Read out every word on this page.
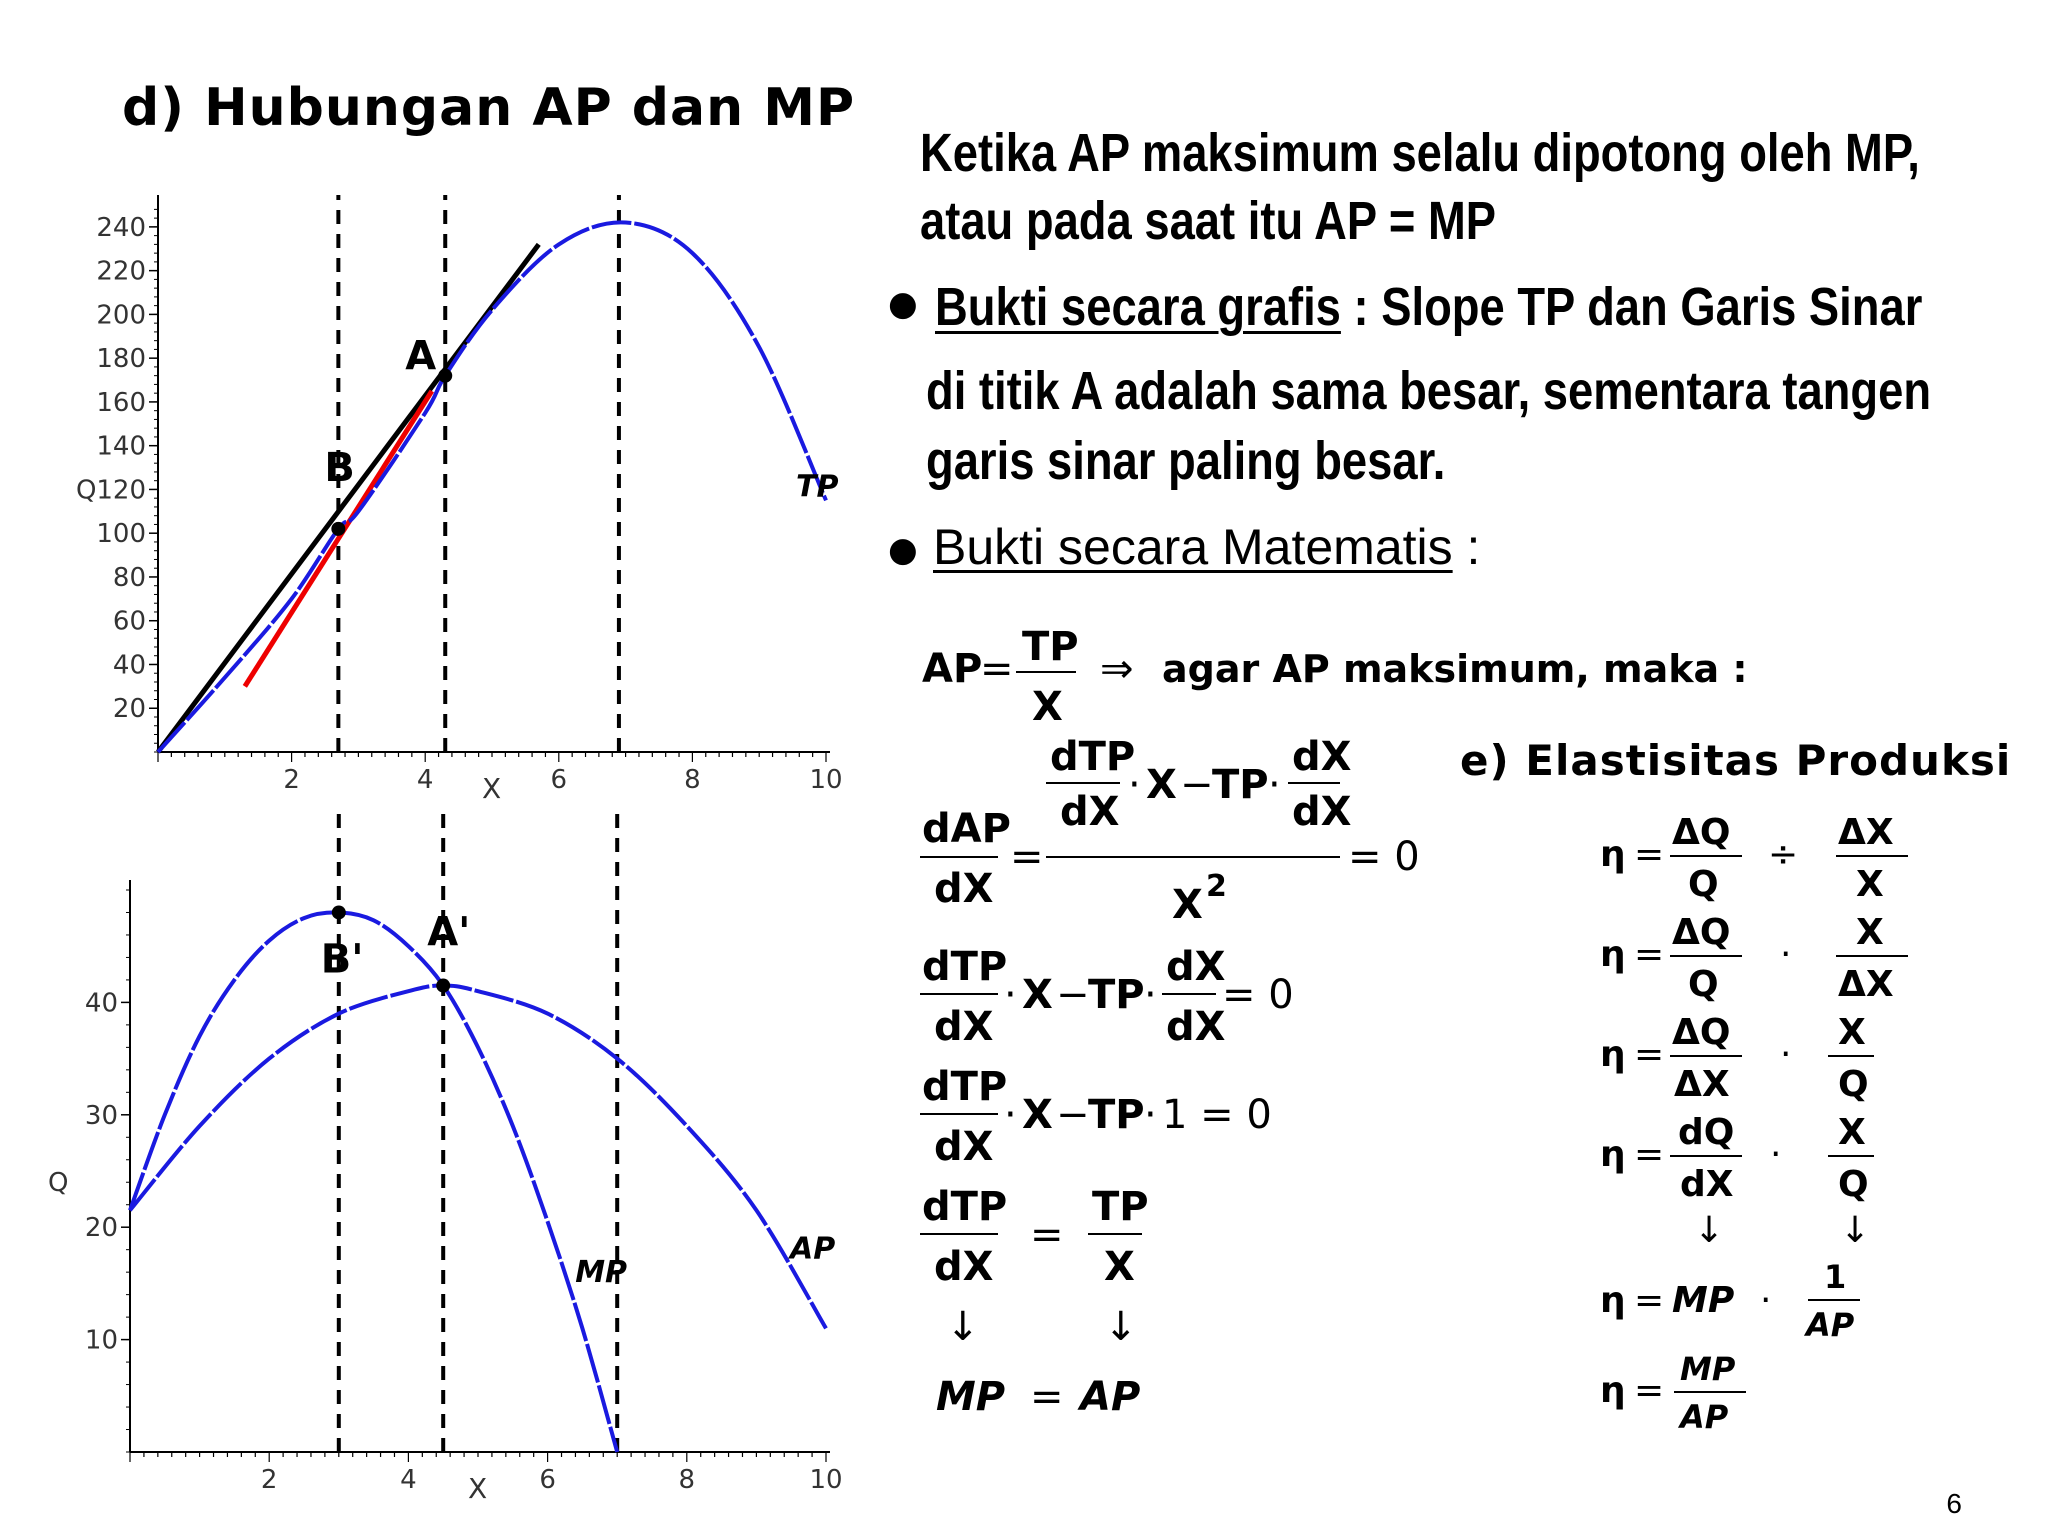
d) Hubungan AP dan MP
2	4	6	8	10
20
40
60
80
100
120
140
160
180
200
220
240
X
Q	TP
A
B
2	4	6	8	10
10
20
30
40
X
Q
AP
MP
A'
B'
Ketika AP maksimum selalu dipotong oleh MP,
atau pada saat itu AP = MP
● Bukti secara grafis : Slope TP dan Garis Sinar
di titik A adalah sama besar, sementara tangen
garis sinar paling besar.
● Bukti secara Matematis :
AP
= TP
X
⇒ agar AP maksimum, maka :
dAP
dX
=
dTP
dX
· X −
TP ·
dX
dX
X 2
= 0
dTP
dX
· X −
TP ·
dX
dX
= 0
dTP
dX
· X −
TP · 1 = 0
dTP
dX
=
TP
X
↓	↓
MP = AP
e) Elastisitas Produksi
η =
ΔQ
Q
÷
ΔX
X
η =
ΔQ
Q
·
X
ΔX
η =
ΔQ
ΔX
·
X
Q
η =
dQ
dX
·
X
Q
↓	↓
η = MP ·
1
AP
η =
MP
AP
6
